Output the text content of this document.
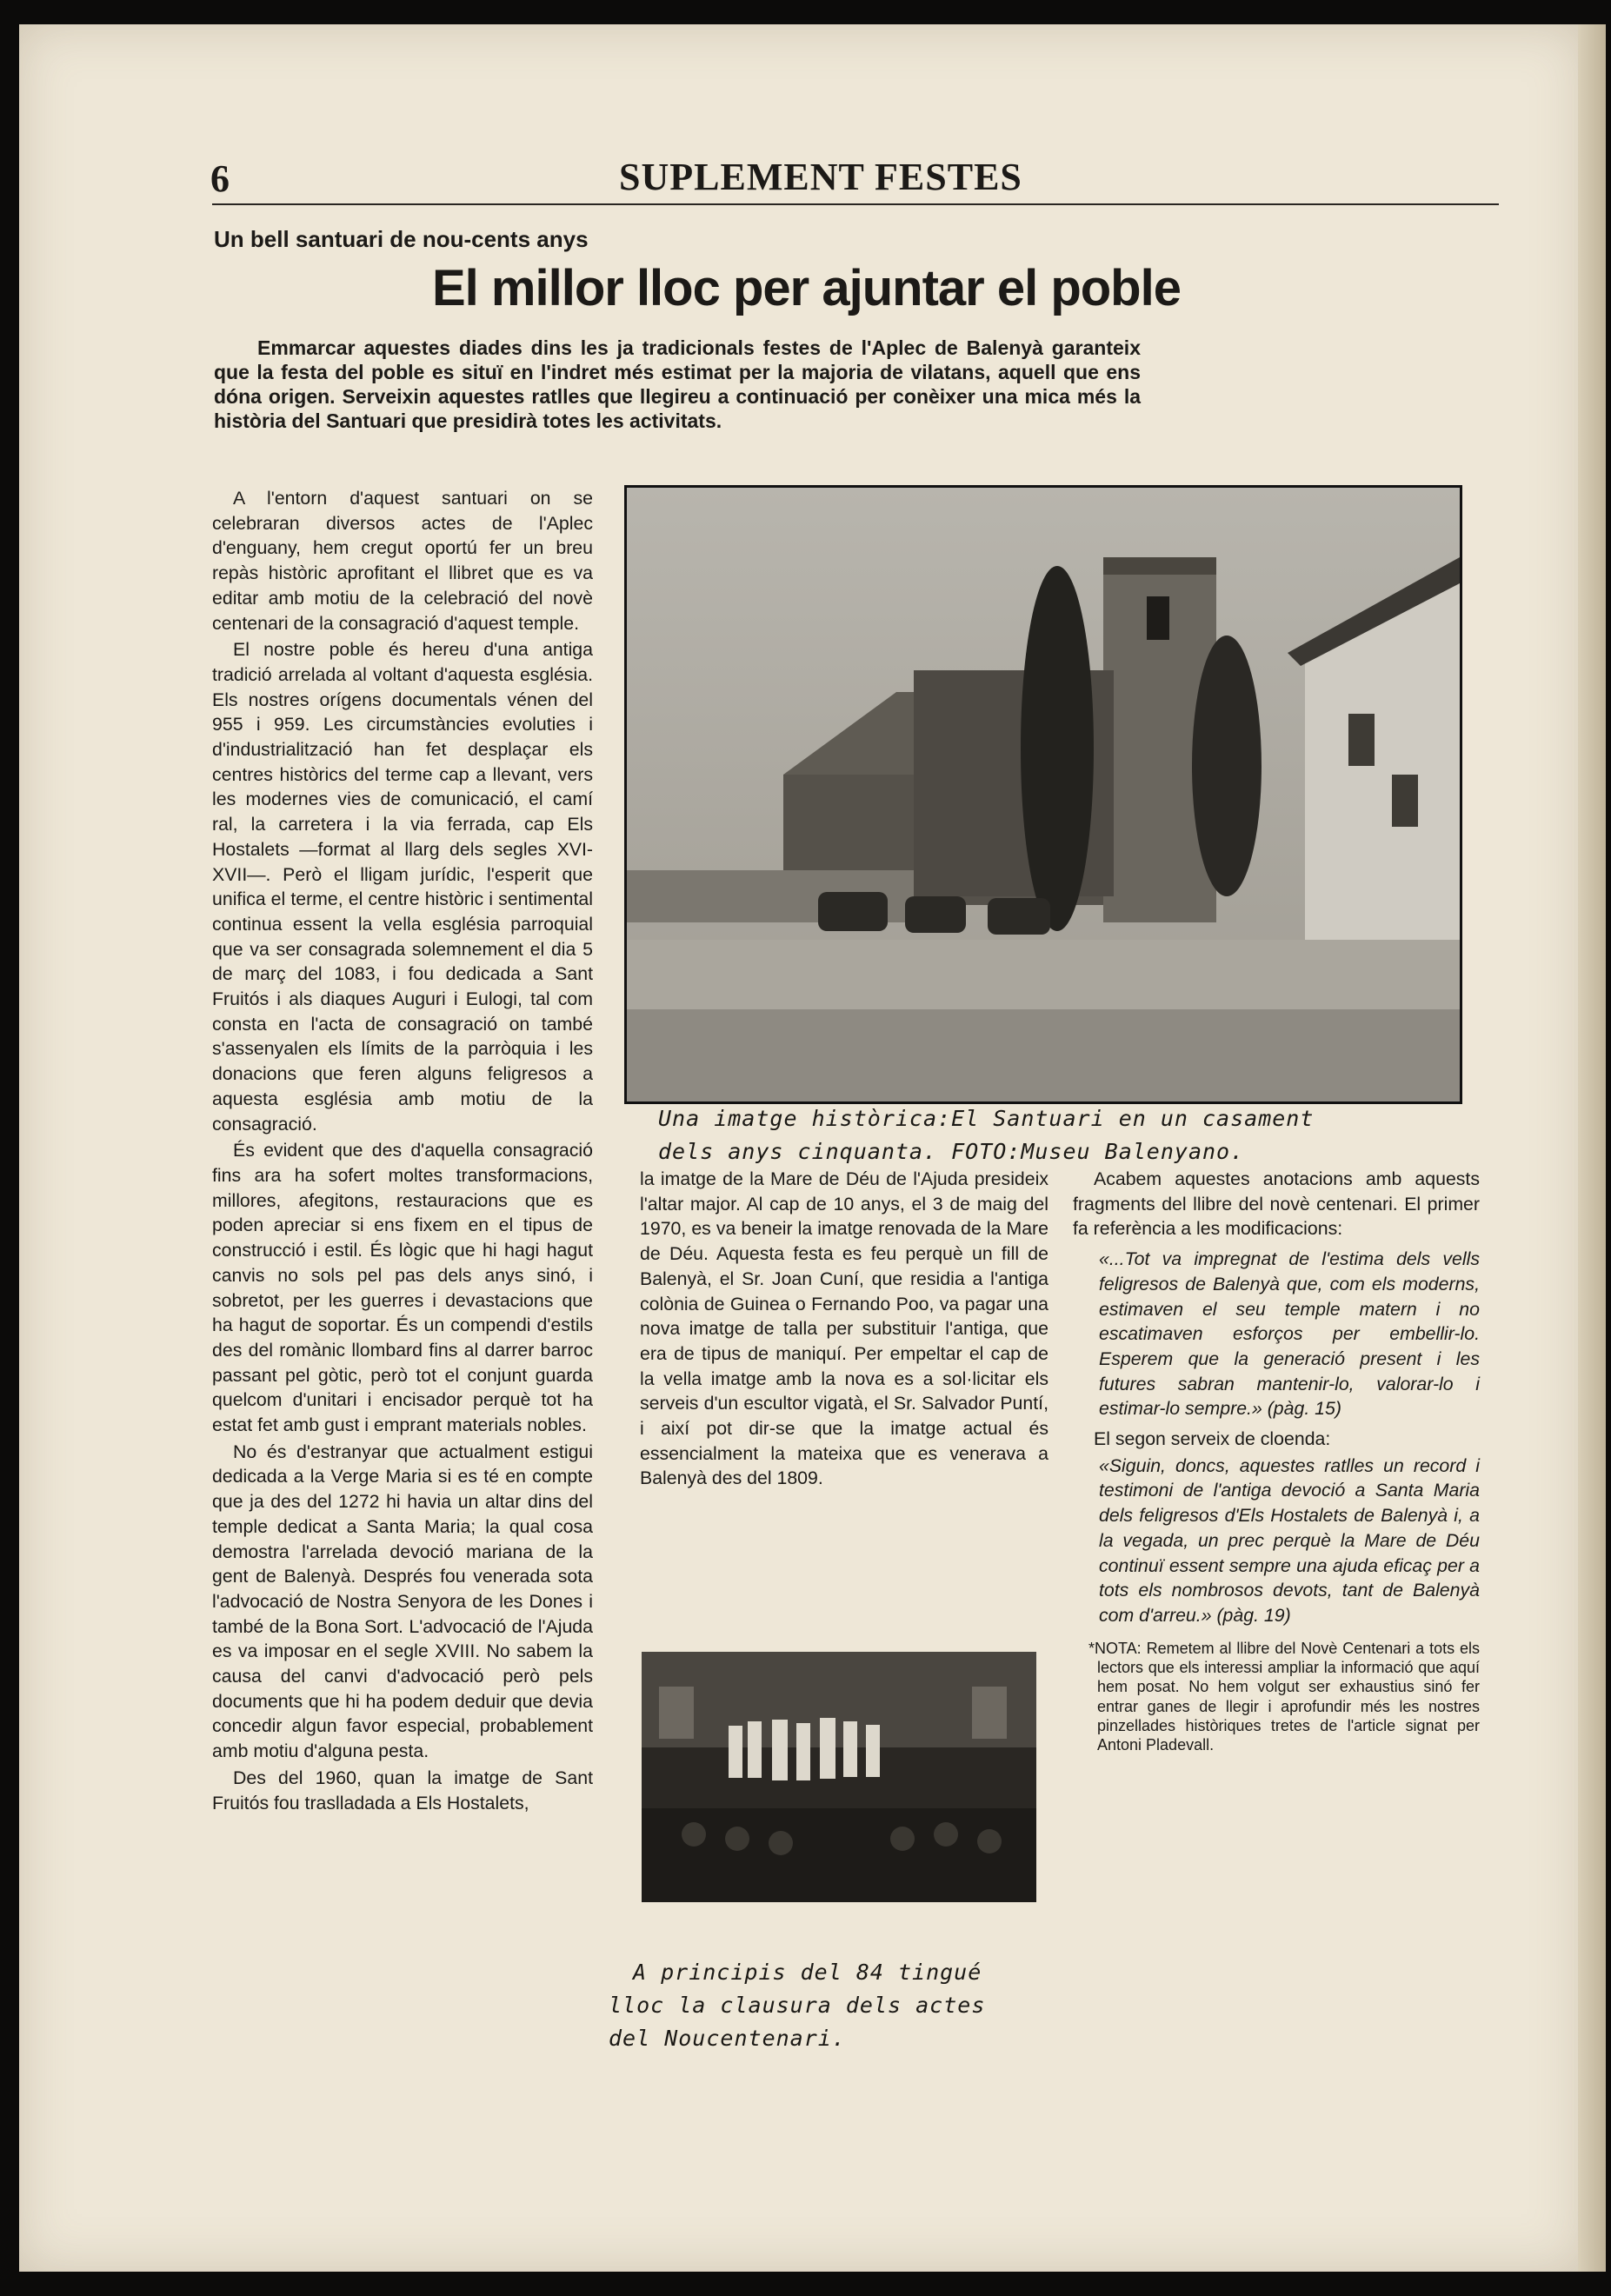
6	SUPLEMENT FESTES
Un bell santuari de nou-cents anys
El millor lloc per ajuntar el poble
Emmarcar aquestes diades dins les ja tradicionals festes de l'Aplec de Balenyà garanteix que la festa del poble es situï en l'indret més estimat per la majoria de vilatans, aquell que ens dóna origen. Serveixin aquestes ratlles que llegireu a continuació per conèixer una mica més la història del Santuari que presidirà totes les activitats.

A l'entorn d'aquest santuari on se celebraran diversos actes de l'Aplec d'enguany, hem cregut oportú fer un breu repàs històric aprofitant el llibret que es va editar amb motiu de la celebració del novè centenari de la consagració d'aquest temple.

El nostre poble és hereu d'una antiga tradició arrelada al voltant d'aquesta església. Els nostres orígens documentals vénen del 955 i 959. Les circumstàncies evoluties i d'industrialització han fet desplaçar els centres històrics del terme cap a llevant, vers les modernes vies de comunicació, el camí ral, la carretera i la via ferrada, cap Els Hostalets —format al llarg dels segles XVI-XVII—. Però el lligam jurídic, l'esperit que unifica el terme, el centre històric i sentimental continua essent la vella església parroquial que va ser consagrada solemnement el dia 5 de març del 1083, i fou dedicada a Sant Fruitós i als diaques Auguri i Eulogi, tal com consta en l'acta de consagració on també s'assenyalen els límits de la parròquia i les donacions que feren alguns feligresos a aquesta església amb motiu de la consagració.

És evident que des d'aquella consagració fins ara ha sofert moltes transformacions, millores, afegitons, restauracions que es poden apreciar si ens fixem en el tipus de construcció i estil. És lògic que hi hagi hagut canvis no sols pel pas dels anys sinó, i sobretot, per les guerres i devastacions que ha hagut de soportar. És un compendi d'estils des del romànic llombard fins al darrer barroc passant pel gòtic, però tot el conjunt guarda quelcom d'unitari i encisador perquè tot ha estat fet amb gust i emprant materials nobles.

No és d'estranyar que actualment estigui dedicada a la Verge Maria si es té en compte que ja des del 1272 hi havia un altar dins del temple dedicat a Santa Maria; la qual cosa demostra l'arrelada devoció mariana de la gent de Balenyà. Després fou venerada sota l'advocació de Nostra Senyora de les Dones i també de la Bona Sort. L'advocació de l'Ajuda es va imposar en el segle XVIII. No sabem la causa del canvi d'advocació però pels documents que hi ha podem deduir que devia concedir algun favor especial, probablement amb motiu d'alguna pesta.

Des del 1960, quan la imatge de Sant Fruitós fou traslladada a Els Hostalets,

Una imatge històrica:El Santuari en un casament
dels anys cinquanta. FOTO:Museu Balenyano.

la imatge de la Mare de Déu de l'Ajuda presideix l'altar major. Al cap de 10 anys, el 3 de maig del 1970, es va beneir la imatge renovada de la Mare de Déu. Aquesta festa es feu perquè un fill de Balenyà, el Sr. Joan Cuní, que residia a l'antiga colònia de Guinea o Fernando Poo, va pagar una nova imatge de talla per substituir l'antiga, que era de tipus de maniquí. Per empeltar el cap de la vella imatge amb la nova es a sol·licitar els serveis d'un escultor vigatà, el Sr. Salvador Puntí, i així pot dir-se que la imatge actual és essencialment la mateixa que es venerava a Balenyà des del 1809.

A principis del 84 tingué
lloc la clausura dels actes
del Noucentenari.

Acabem aquestes anotacions amb aquests fragments del llibre del novè centenari. El primer fa referència a les modificacions:

«...Tot va impregnat de l'estima dels vells feligresos de Balenyà que, com els moderns, estimaven el seu temple matern i no escatimaven esforços per embellir-lo. Esperem que la generació present i les futures sabran mantenir-lo, valorar-lo i estimar-lo sempre.» (pàg. 15)

El segon serveix de cloenda:

«Siguin, doncs, aquestes ratlles un record i testimoni de l'antiga devoció a Santa Maria dels feligresos d'Els Hostalets de Balenyà i, a la vegada, un prec perquè la Mare de Déu continuï essent sempre una ajuda eficaç per a tots els nombrosos devots, tant de Balenyà com d'arreu.» (pàg. 19)

*NOTA: Remetem al llibre del Novè Centenari a tots els lectors que els interessi ampliar la informació que aquí hem posat. No hem volgut ser exhaustius sinó fer entrar ganes de llegir i aprofundir més les nostres pinzellades històriques tretes de l'article signat per Antoni Pladevall.
